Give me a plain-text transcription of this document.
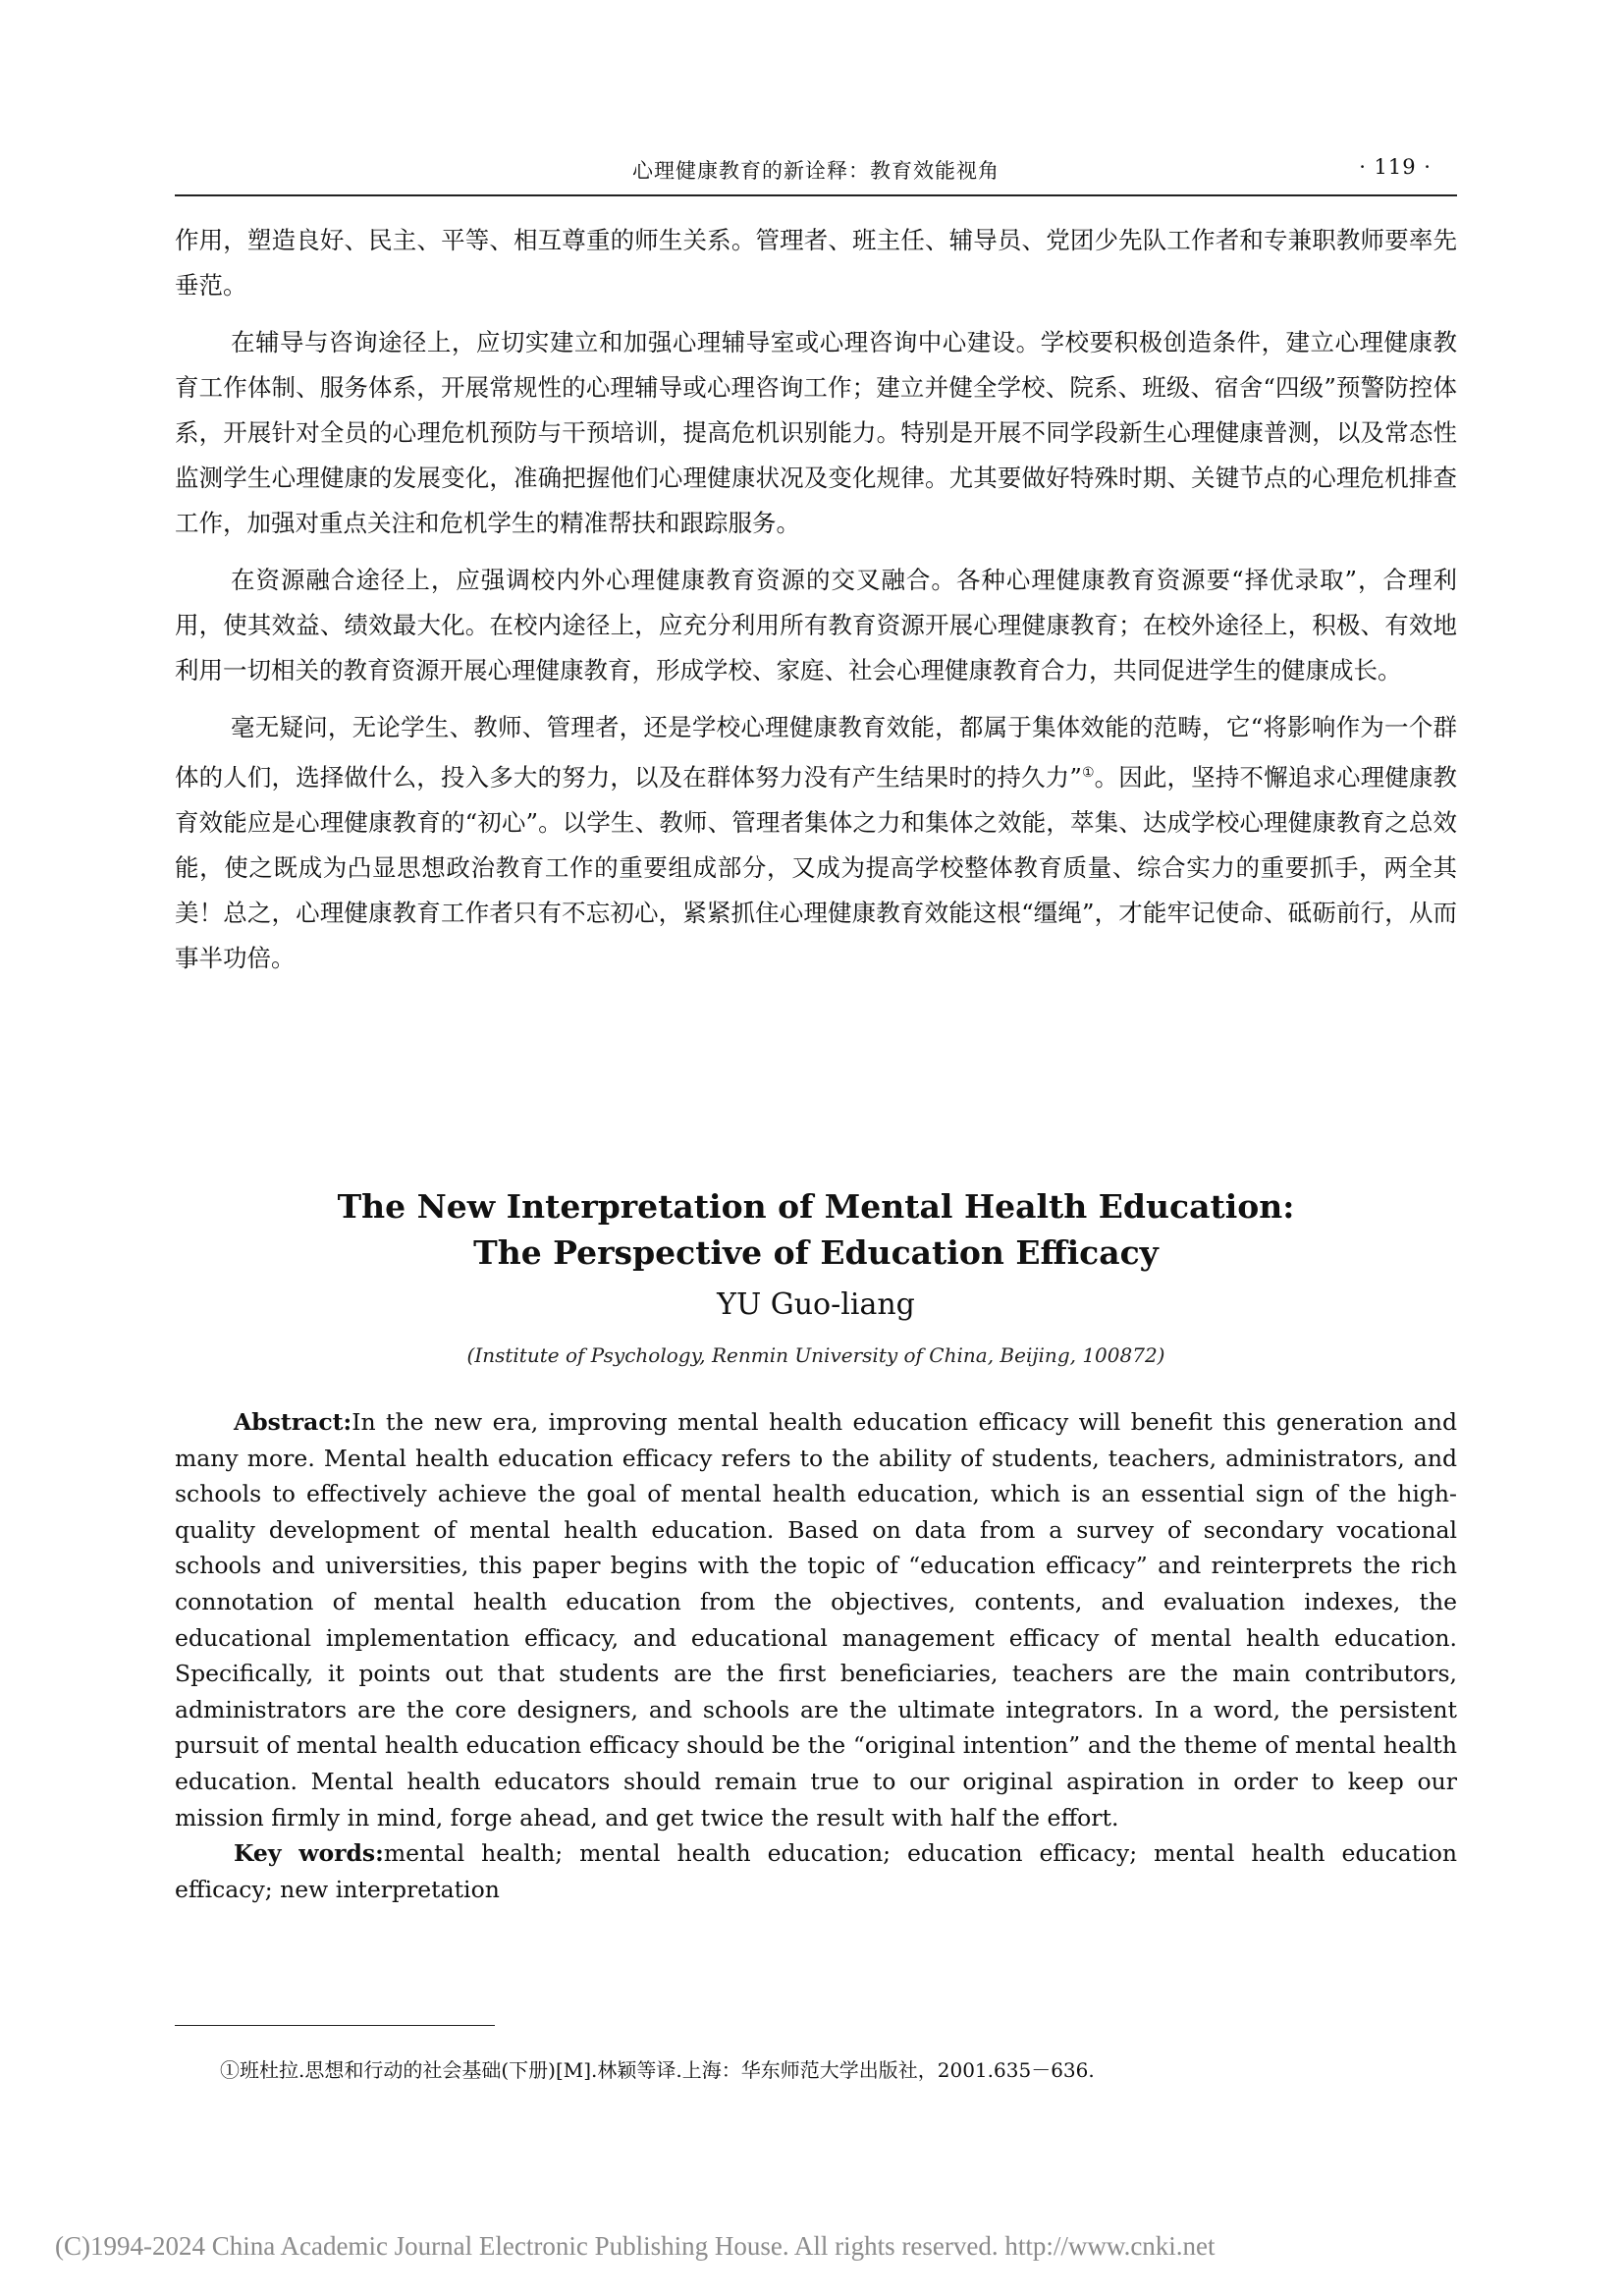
心理健康教育的新诠释：教育效能视角	· 119 ·

作用，塑造良好、民主、平等、相互尊重的师生关系。管理者、班主任、辅导员、党团少先队工作者和专兼职教师要率先垂范。

在辅导与咨询途径上，应切实建立和加强心理辅导室或心理咨询中心建设。学校要积极创造条件，建立心理健康教育工作体制、服务体系，开展常规性的心理辅导或心理咨询工作；建立并健全学校、院系、班级、宿舍“四级”预警防控体系，开展针对全员的心理危机预防与干预培训，提高危机识别能力。特别是开展不同学段新生心理健康普测，以及常态性监测学生心理健康的发展变化，准确把握他们心理健康状况及变化规律。尤其要做好特殊时期、关键节点的心理危机排查工作，加强对重点关注和危机学生的精准帮扶和跟踪服务。

在资源融合途径上，应强调校内外心理健康教育资源的交叉融合。各种心理健康教育资源要“择优录取”，合理利用，使其效益、绩效最大化。在校内途径上，应充分利用所有教育资源开展心理健康教育；在校外途径上，积极、有效地利用一切相关的教育资源开展心理健康教育，形成学校、家庭、社会心理健康教育合力，共同促进学生的健康成长。

毫无疑问，无论学生、教师、管理者，还是学校心理健康教育效能，都属于集体效能的范畴，它“将影响作为一个群体的人们，选择做什么，投入多大的努力，以及在群体努力没有产生结果时的持久力”①。因此，坚持不懈追求心理健康教育效能应是心理健康教育的“初心”。以学生、教师、管理者集体之力和集体之效能，萃集、达成学校心理健康教育之总效能，使之既成为凸显思想政治教育工作的重要组成部分，又成为提高学校整体教育质量、综合实力的重要抓手，两全其美！总之，心理健康教育工作者只有不忘初心，紧紧抓住心理健康教育效能这根“缰绳”，才能牢记使命、砥砺前行，从而事半功倍。

The New Interpretation of Mental Health Education:
The Perspective of Education Efficacy
YU Guo-liang
(Institute of Psychology, Renmin University of China, Beijing, 100872)

Abstract:In the new era, improving mental health education efficacy will benefit this generation and many more. Mental health education efficacy refers to the ability of students, teachers, administrators, and schools to effectively achieve the goal of mental health education, which is an essential sign of the high-quality development of mental health education. Based on data from a survey of secondary vocational schools and universities, this paper begins with the topic of “education efficacy” and reinterprets the rich connotation of mental health education from the objectives, contents, and evaluation indexes, the educational implementation efficacy, and educational management efficacy of mental health education. Specifically, it points out that students are the first beneficiaries, teachers are the main contributors, administrators are the core designers, and schools are the ultimate integrators. In a word, the persistent pursuit of mental health education efficacy should be the “original intention” and the theme of mental health education. Mental health educators should remain true to our original aspiration in order to keep our mission firmly in mind, forge ahead, and get twice the result with half the effort.

Key words:mental health; mental health education; education efficacy; mental health education efficacy; new interpretation

①班杜拉.思想和行动的社会基础(下册)[M].林颖等译.上海：华东师范大学出版社，2001.635－636.
(C)1994-2024 China Academic Journal Electronic Publishing House. All rights reserved. http://www.cnki.net
